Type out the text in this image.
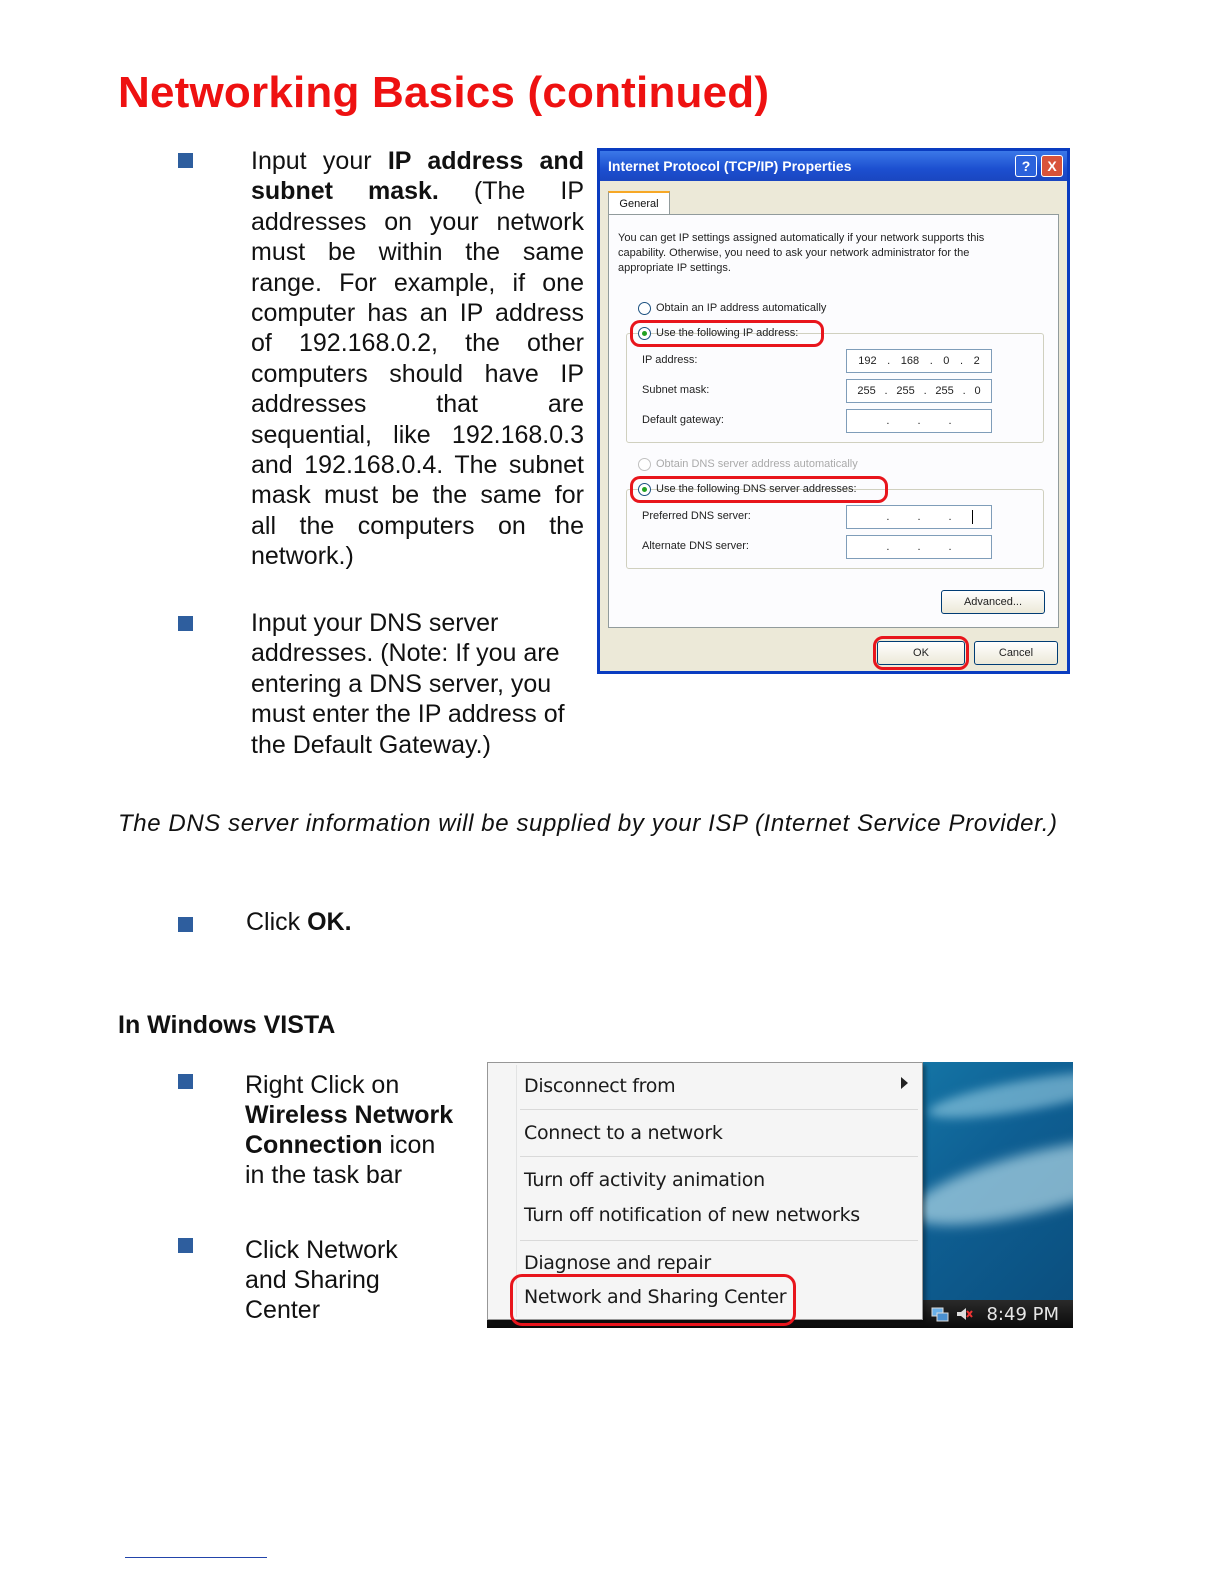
Networking Basics (continued)
Input your IP address and subnet mask. (The IP addresses on your network must be within the same range. For example, if one computer has an IP address of 192.168.0.2, the other computers should have IP addresses that are sequential, like 192.168.0.3 and 192.168.0.4. The subnet mask must be the same for all the computers on the network.)
Input your DNS server addresses. (Note: If you are entering a DNS server, you must enter the IP address of the Default Gateway.)
The DNS server information will be supplied by your ISP (Internet Service Provider.)
Click OK.
Internet Protocol (TCP/IP) Properties	?	X
General
You can get IP settings assigned automatically if your network supports this capability. Otherwise, you need to ask your network administrator for the appropriate IP settings.
Obtain an IP address automatically
Use the following IP address:
IP address:	192 . 168 . 0 . 2
Subnet mask:	255 . 255 . 255 . 0
Default gateway:	.	.	.
Obtain DNS server address automatically
Use the following DNS server addresses:
Preferred DNS server:	.	.	.
Alternate DNS server:	.	.	.
Advanced...
OK	Cancel
In Windows VISTA
Right Click on
Wireless Network Connection icon
in the task bar
Click Network
and Sharing
Center	8:49 PM
Disconnect from
Connect to a network
Turn off activity animation
Turn off notification of new networks
Diagnose and repair
Network and Sharing Center
